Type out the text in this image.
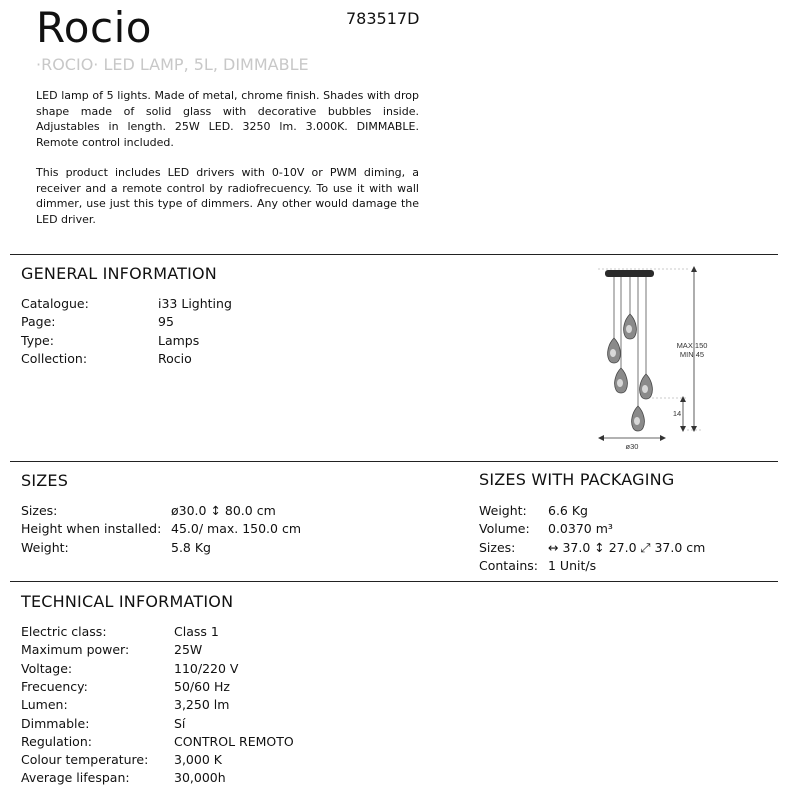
Rocio	783517D
·ROCIO· LED LAMP, 5L, DIMMABLE
LED lamp of 5 lights. Made of metal, chrome finish. Shades with drop shape made of solid glass with decorative bubbles inside. Adjustables in length. 25W LED. 3250 lm. 3.000K. DIMMABLE. Remote control included.
This product includes LED drivers with 0-10V or PWM diming, a receiver and a remote control by radiofrecuency. To use it with wall dimmer, use just this type of dimmers. Any other would damage the LED driver.
GENERAL INFORMATION
Catalogue:	i33 Lighting
Page:	95
Type:	Lamps
Collection:	Rocio
MAX 150
MIN 45
14
ø30
SIZES
Sizes:	ø30.0 ↕ 80.0 cm
Height when installed: 45.0/ max. 150.0 cm
Weight:	5.8 Kg
SIZES WITH PACKAGING
Weight: 6.6 Kg
Volume: 0.0370 m³
Sizes:	↔ 37.0 ↕ 27.0 ⤢ 37.0 cm
Contains: 1 Unit/s
TECHNICAL INFORMATION
Electric class:	Class 1
Maximum power:	25W
Voltage:	110/220 V
Frecuency:	50/60 Hz
Lumen:	3,250 lm
Dimmable:	Sí
Regulation:	CONTROL REMOTO
Colour temperature: 3,000 K
Average lifespan:	30,000h
